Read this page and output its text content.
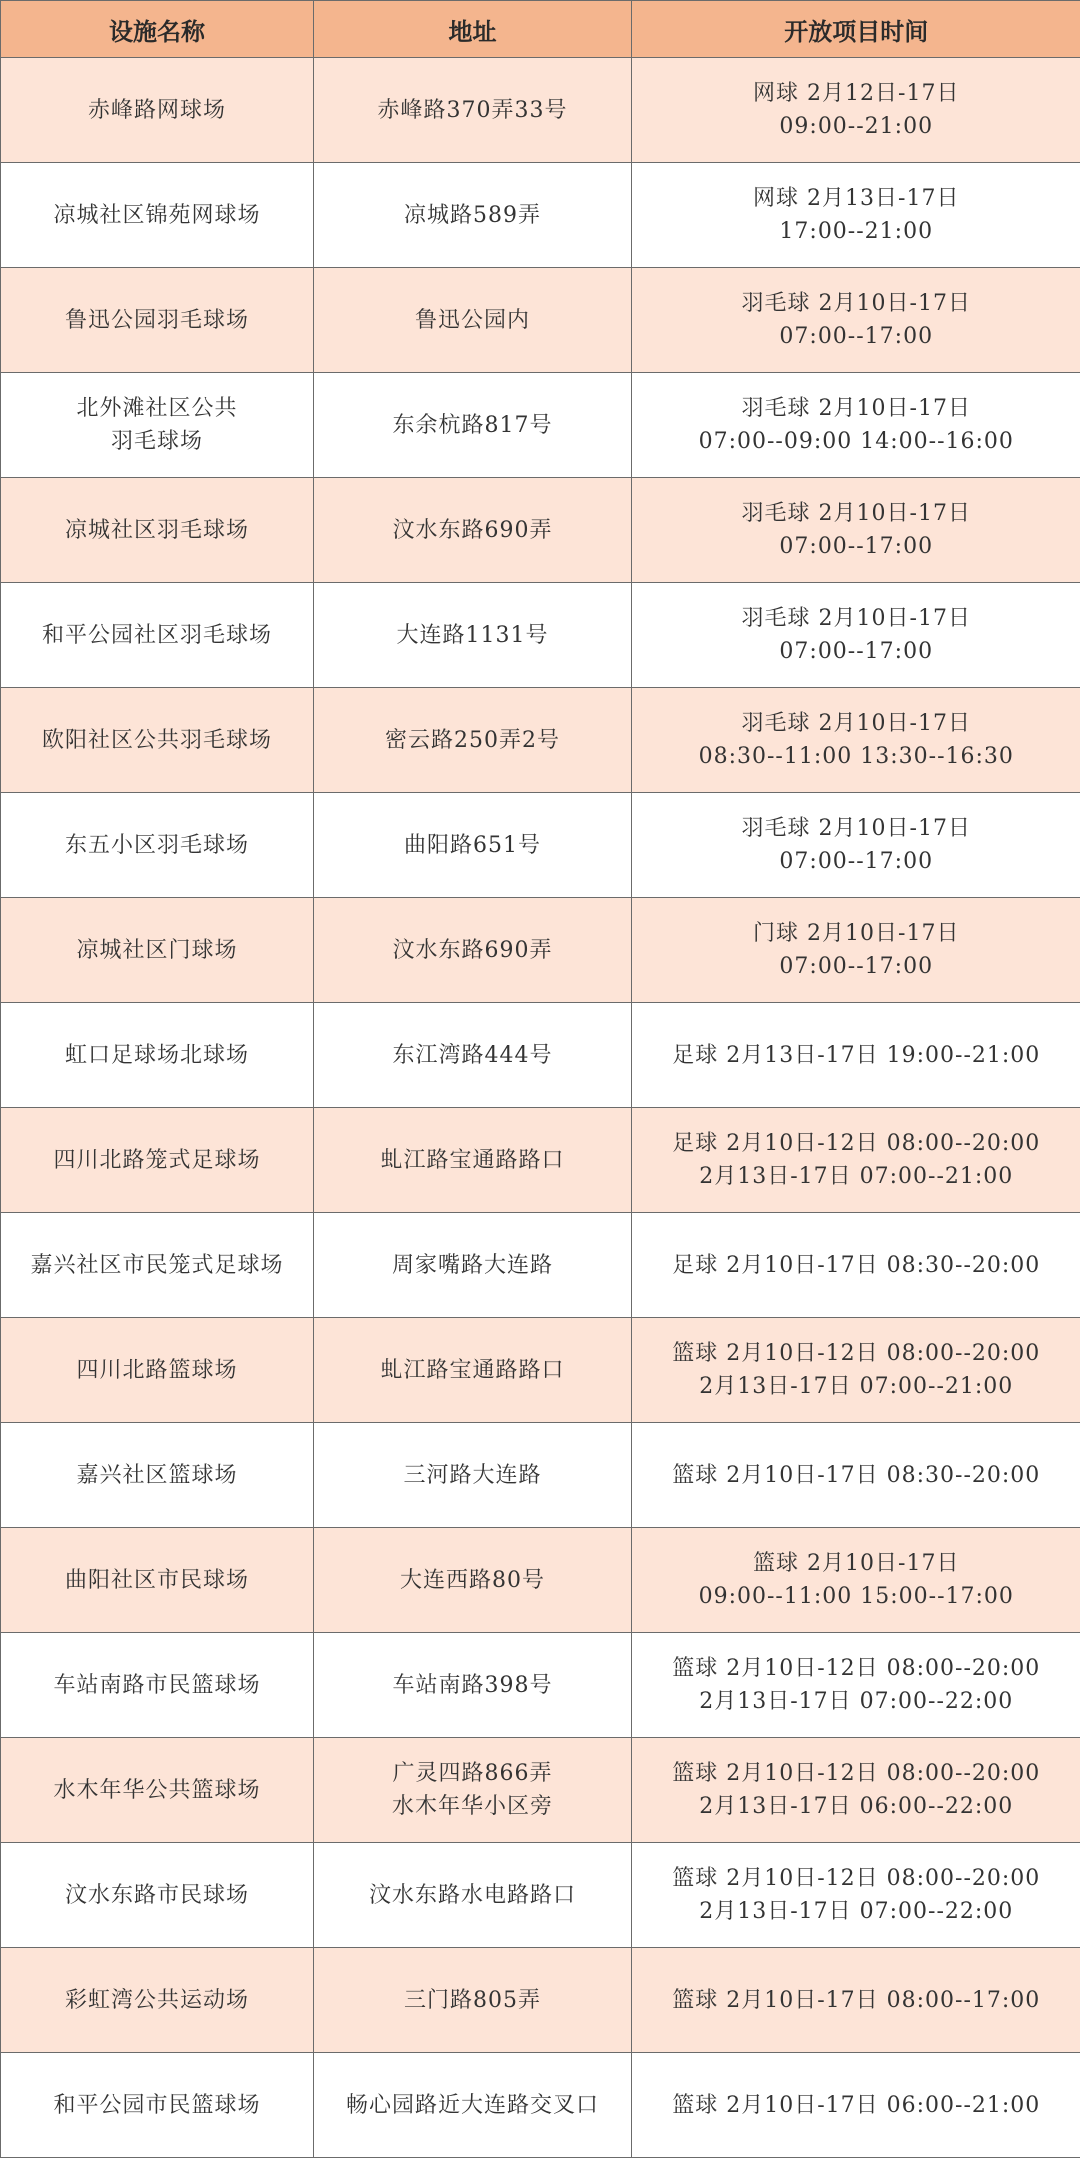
设施名称	地址	开放项目时间
赤峰路网球场	赤峰路370弄33号	网球 2月12日-17日
09:00--21:00
凉城社区锦苑网球场	凉城路589弄	网球 2月13日-17日
17:00--21:00
鲁迅公园羽毛球场	鲁迅公园内	羽毛球 2月10日-17日
07:00--17:00
北外滩社区公共
羽毛球场	东余杭路817号	羽毛球 2月10日-17日
07:00--09:00 14:00--16:00
凉城社区羽毛球场	汶水东路690弄	羽毛球 2月10日-17日
07:00--17:00
和平公园社区羽毛球场	大连路1131号	羽毛球 2月10日-17日
07:00--17:00
欧阳社区公共羽毛球场	密云路250弄2号	羽毛球 2月10日-17日
08:30--11:00 13:30--16:30
东五小区羽毛球场	曲阳路651号	羽毛球 2月10日-17日
07:00--17:00
凉城社区门球场	汶水东路690弄	门球 2月10日-17日
07:00--17:00
虹口足球场北球场	东江湾路444号	足球 2月13日-17日 19:00--21:00
四川北路笼式足球场	虬江路宝通路路口	足球 2月10日-12日 08:00--20:00
2月13日-17日 07:00--21:00
嘉兴社区市民笼式足球场	周家嘴路大连路	足球 2月10日-17日 08:30--20:00
四川北路篮球场	虬江路宝通路路口	篮球 2月10日-12日 08:00--20:00
2月13日-17日 07:00--21:00
嘉兴社区篮球场	三河路大连路	篮球 2月10日-17日 08:30--20:00
曲阳社区市民球场	大连西路80号	篮球 2月10日-17日
09:00--11:00 15:00--17:00
车站南路市民篮球场	车站南路398号	篮球 2月10日-12日 08:00--20:00
2月13日-17日 07:00--22:00
水木年华公共篮球场	广灵四路866弄
水木年华小区旁	篮球 2月10日-12日 08:00--20:00
2月13日-17日 06:00--22:00
汶水东路市民球场	汶水东路水电路路口	篮球 2月10日-12日 08:00--20:00
2月13日-17日 07:00--22:00
彩虹湾公共运动场	三门路805弄	篮球 2月10日-17日 08:00--17:00
和平公园市民篮球场	畅心园路近大连路交叉口	篮球 2月10日-17日 06:00--21:00
